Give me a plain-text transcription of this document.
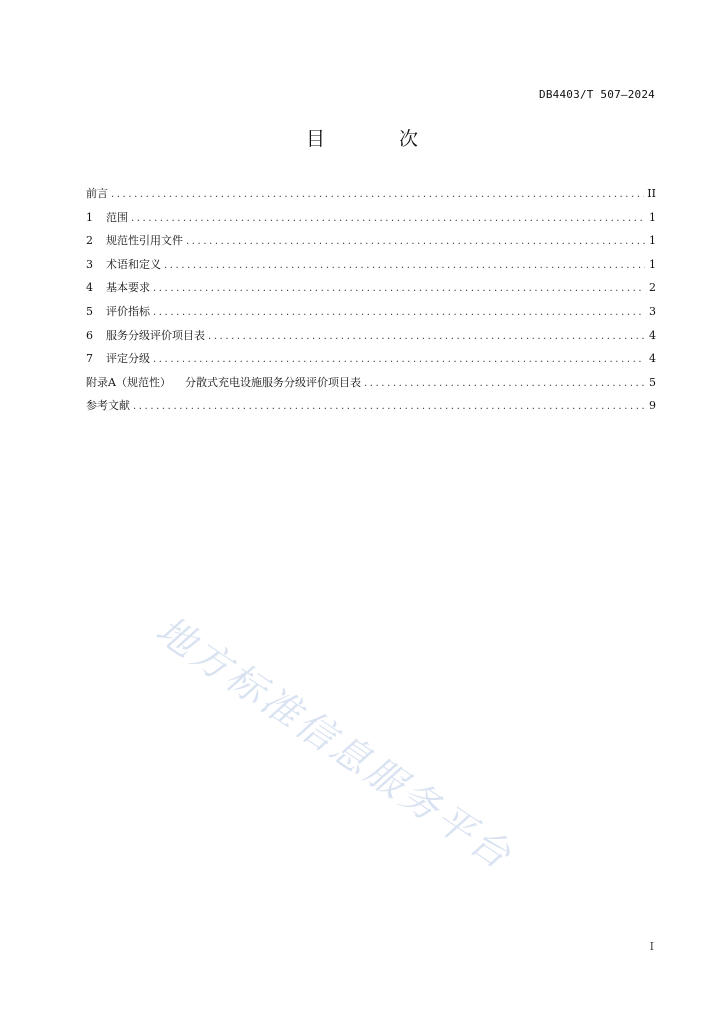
DB4403/T 507—2024
目 次
前言 .....	II
1	范围 .....	1
2	规范性引用文件 .....	1
3	术语和定义 .....	1
4	基本要求 .....	2
5	评价指标 .....	3
6	服务分级评价项目表 .....	4
7	评定分级 .....	4
附录A（规范性） 分散式充电设施服务分级评价项目表 .....	5
参考文献 .....	9
地方标准信息服务平台
I
